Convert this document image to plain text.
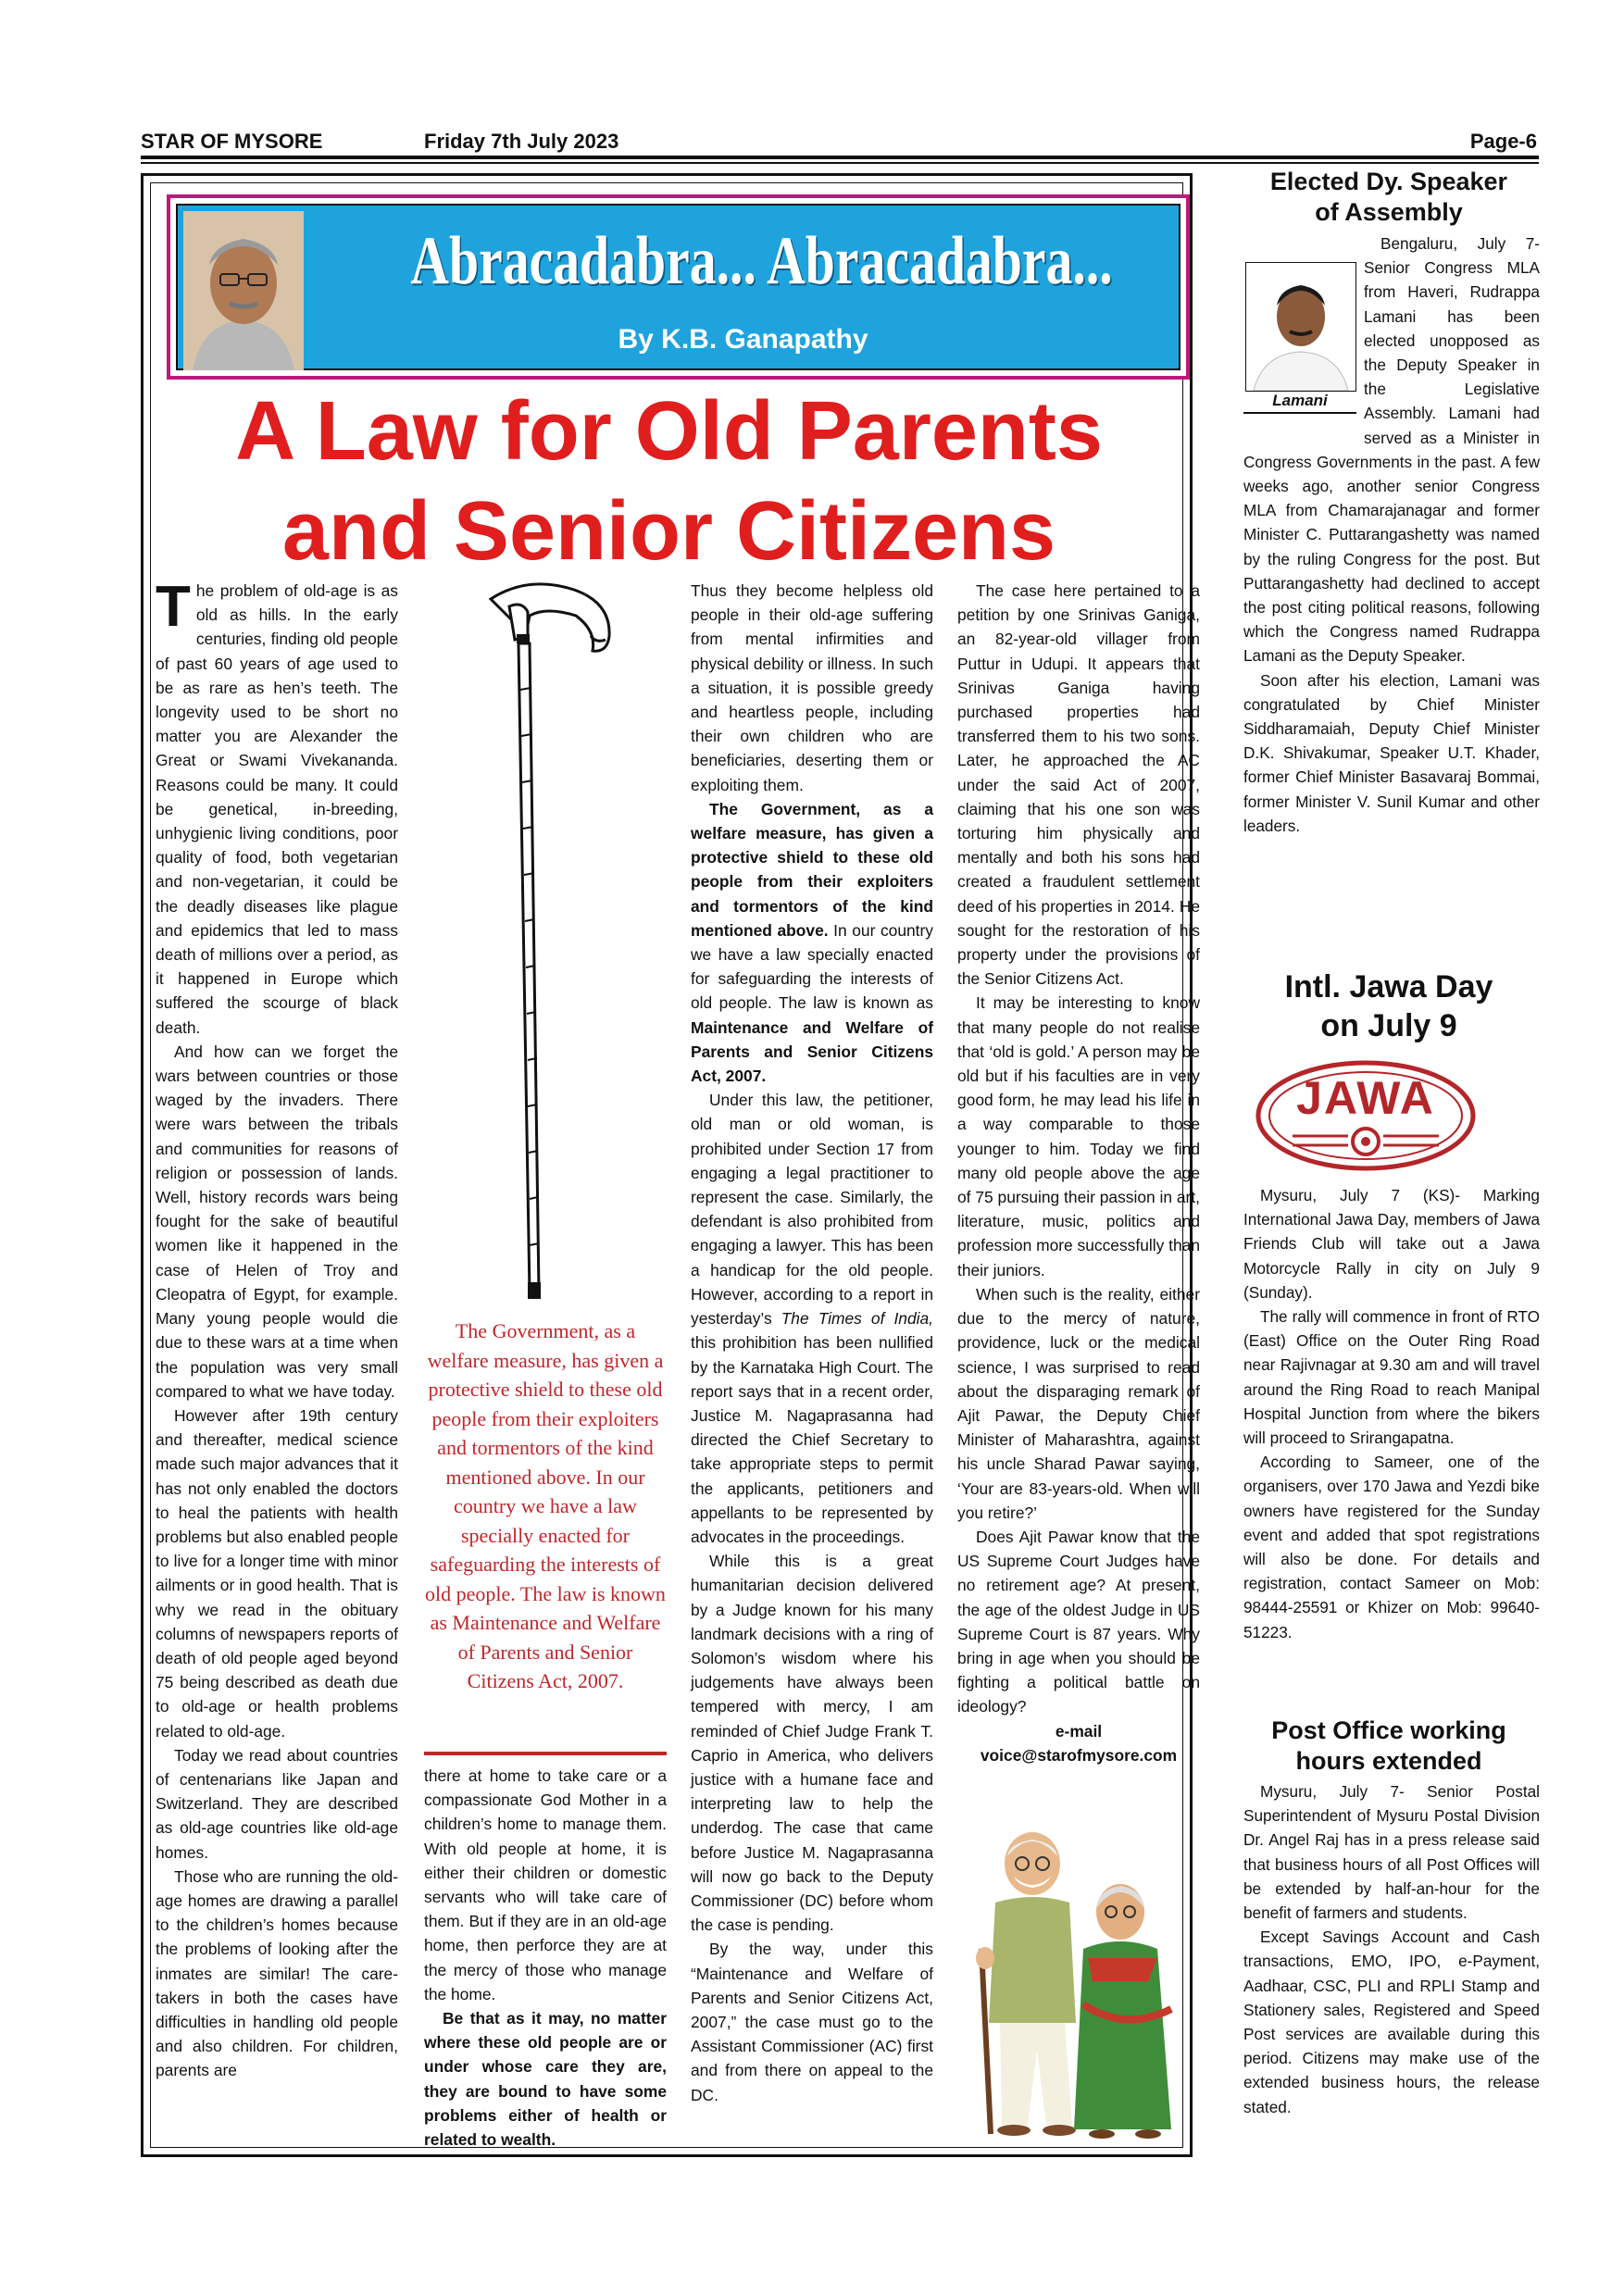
STAR OF MYSORE	Friday 7th July 2023	Page-6
Abracadabra... Abracadabra...
By K.B. Ganapathy
A Law for Old Parents
and Senior Citizens

The problem of old-age is as old as hills. In the early centuries, finding old people of past 60 years of age used to be as rare as hen’s teeth. The longevity used to be short no matter you are Alexander the Great or Swami Vivekananda. Reasons could be many. It could be genetical, in-breeding, unhygienic living conditions, poor quality of food, both vegetarian and non-vegetarian, it could be the deadly diseases like plague and epidemics that led to mass death of millions over a period, as it happened in Europe which suffered the scourge of black death.

And how can we forget the wars between countries or those waged by the invaders. There were wars between the tribals and communities for reasons of religion or possession of lands. Well, history records wars being fought for the sake of beautiful women like it happened in the case of Helen of Troy and Cleopatra of Egypt, for example. Many young people would die due to these wars at a time when the population was very small compared to what we have today.

However after 19th century and thereafter, medical science made such major advances that it has not only enabled the doctors to heal the patients with health problems but also enabled people to live for a longer time with minor ailments or in good health. That is why we read in the obituary columns of newspapers reports of death of old people aged beyond 75 being described as death due to old-age or health problems related to old-age.

Today we read about countries of centenarians like Japan and Switzerland. They are described as old-age countries like old-age homes.

Those who are running the old-age homes are drawing a parallel to the children’s homes because the problems of looking after the inmates are similar! The care-takers in both the cases have difficulties in handling old people and also children. For children, parents are

The Government, as a welfare measure, has given a protective shield to these old people from their exploiters and tormentors of the kind mentioned above. In our country we have a law specially enacted for safeguarding the interests of old people. The law is known as Maintenance and Welfare of Parents and Senior Citizens Act, 2007.

there at home to take care or a compassionate God Mother in a children’s home to manage them. With old people at home, it is either their children or domestic servants who will take care of them. But if they are in an old-age home, then perforce they are at the mercy of those who manage the home.

Be that as it may, no matter where these old people are or under whose care they are, they are bound to have some problems either of health or related to wealth.

Thus they become helpless old people in their old-age suffering from mental infirmities and physical debility or illness. In such a situation, it is possible greedy and heartless people, including their own children who are beneficiaries, deserting them or exploiting them.

The Government, as a welfare measure, has given a protective shield to these old people from their exploiters and tormentors of the kind mentioned above. In our country we have a law specially enacted for safeguarding the interests of old people. The law is known as Maintenance and Welfare of Parents and Senior Citizens Act, 2007.

Under this law, the petitioner, old man or old woman, is prohibited under Section 17 from engaging a legal practitioner to represent the case. Similarly, the defendant is also prohibited from engaging a lawyer. This has been a handicap for the old people. However, according to a report in yesterday’s The Times of India, this prohibition has been nullified by the Karnataka High Court. The report says that in a recent order, Justice M. Nagaprasanna had directed the Chief Secretary to take appropriate steps to permit the applicants, petitioners and appellants to be represented by advocates in the proceedings.

While this is a great humanitarian decision delivered by a Judge known for his many landmark decisions with a ring of Solomon’s wisdom where his judgements have always been tempered with mercy, I am reminded of Chief Judge Frank T. Caprio in America, who delivers justice with a humane face and interpreting law to help the underdog. The case that came before Justice M. Nagaprasanna will now go back to the Deputy Commissioner (DC) before whom the case is pending.

By the way, under this “Maintenance and Welfare of Parents and Senior Citizens Act, 2007,” the case must go to the Assistant Commissioner (AC) first and from there on appeal to the DC.

The case here pertained to a petition by one Srinivas Ganiga, an 82-year-old villager from Puttur in Udupi. It appears that Srinivas Ganiga having purchased properties had transferred them to his two sons. Later, he approached the AC under the said Act of 2007, claiming that his one son was torturing him physically and mentally and both his sons had created a fraudulent settlement deed of his properties in 2014. He sought for the restoration of his property under the provisions of the Senior Citizens Act.

It may be interesting to know that many people do not realise that ‘old is gold.’ A person may be old but if his faculties are in very good form, he may lead his life in a way comparable to those younger to him. Today we find many old people above the age of 75 pursuing their passion in art, literature, music, politics and profession more successfully than their juniors.

When such is the reality, either due to the mercy of nature, providence, luck or the medical science, I was surprised to read about the disparaging remark of Ajit Pawar, the Deputy Chief Minister of Maharashtra, against his uncle Sharad Pawar saying, ‘Your are 83-years-old. When will you retire?’

Does Ajit Pawar know that the US Supreme Court Judges have no retirement age? At present, the age of the oldest Judge in US Supreme Court is 87 years. Why bring in age when you should be fighting a political battle on ideology?

e-mail
voice@starofmysore.com
Elected Dy. Speaker
of Assembly
Lamani

Bengaluru, July 7- Senior Congress MLA from Haveri, Rudrappa Lamani has been elected unopposed as the Deputy Speaker in the Legislative Assembly. Lamani had served as a Minister in Congress Governments in the past. A few weeks ago, another senior Congress MLA from Chamarajanagar and former Minister C. Puttarangashetty was named by the ruling Congress for the post. But Puttarangashetty had declined to accept the post citing political reasons, following which the Congress named Rudrappa Lamani as the Deputy Speaker.

Soon after his election, Lamani was congratulated by Chief Minister Siddharamaiah, Deputy Chief Minister D.K. Shivakumar, Speaker U.T. Khader, former Chief Minister Basavaraj Bommai, former Minister V. Sunil Kumar and other leaders.

Intl. Jawa Day
on July 9
JAWA

Mysuru, July 7 (KS)- Marking International Jawa Day, members of Jawa Friends Club will take out a Jawa Motorcycle Rally in city on July 9 (Sunday).

The rally will commence in front of RTO (East) Office on the Outer Ring Road near Rajivnagar at 9.30 am and will travel around the Ring Road to reach Manipal Hospital Junction from where the bikers will proceed to Srirangapatna.

According to Sameer, one of the organisers, over 170 Jawa and Yezdi bike owners have registered for the Sunday event and added that spot registrations will also be done. For details and registration, contact Sameer on Mob: 98444-25591 or Khizer on Mob: 99640-51223.

Post Office working
hours extended

Mysuru, July 7- Senior Postal Superintendent of Mysuru Postal Division Dr. Angel Raj has in a press release said that business hours of all Post Offices will be extended by half-an-hour for the benefit of farmers and students.

Except Savings Account and Cash transactions, EMO, IPO, e-Payment, Aadhaar, CSC, PLI and RPLI Stamp and Stationery sales, Registered and Speed Post services are available during this period. Citizens may make use of the extended business hours, the release stated.
